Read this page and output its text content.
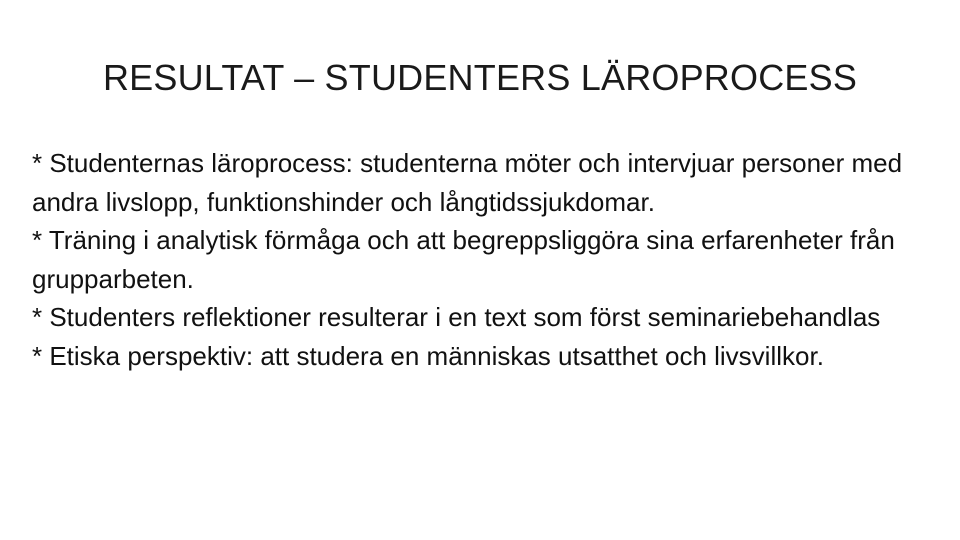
RESULTAT – STUDENTERS LÄROPROCESS

* Studenternas läroprocess: studenterna möter och intervjuar personer med andra livslopp, funktionshinder och långtidssjukdomar.

* Träning i analytisk förmåga och att begreppsliggöra sina erfarenheter från grupparbeten.

* Studenters reflektioner resulterar i en text som först seminariebehandlas

* Etiska perspektiv: att studera en människas utsatthet och livsvillkor.
